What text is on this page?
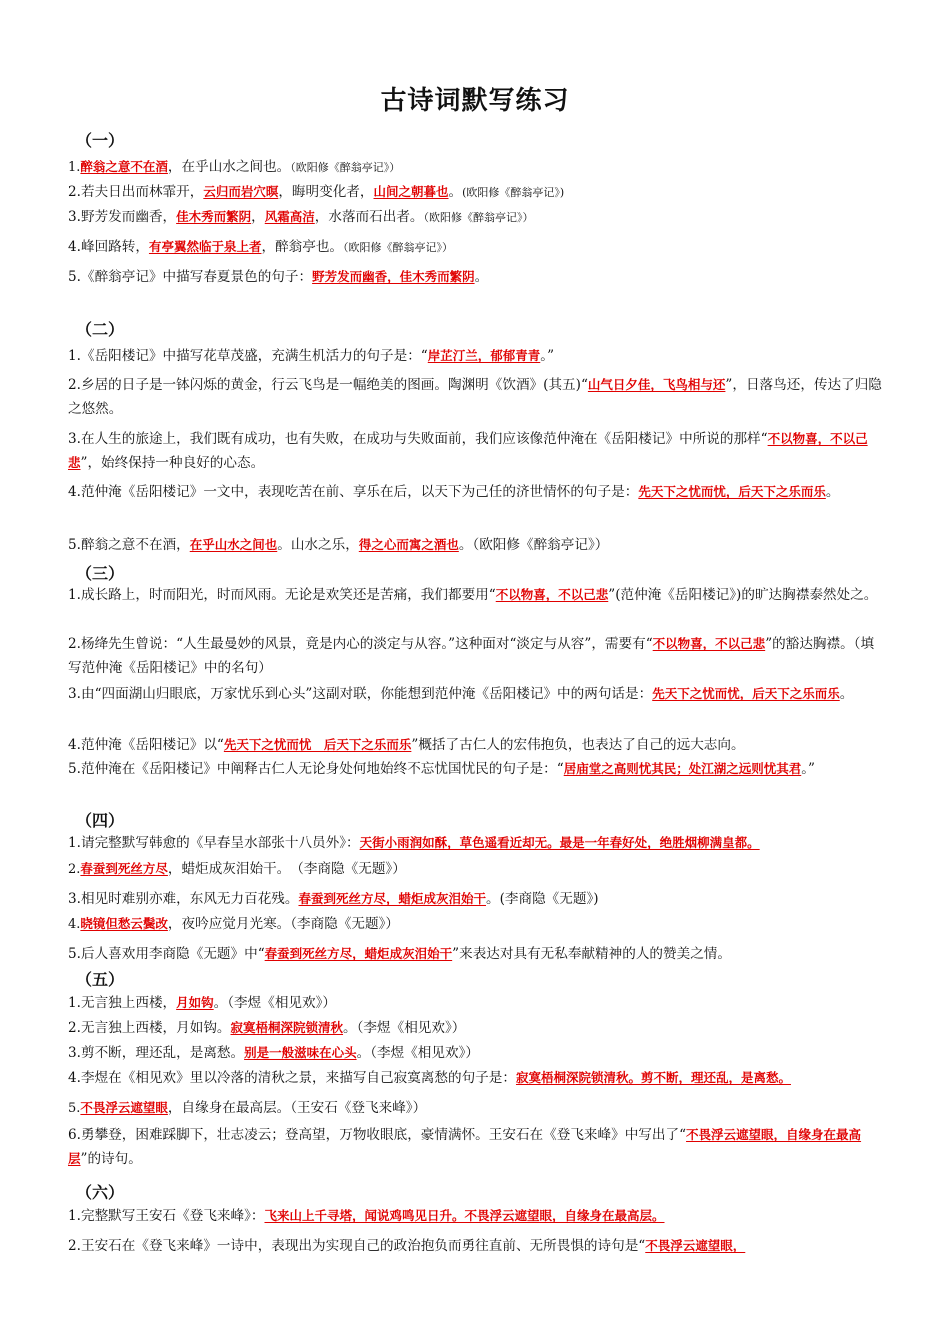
古诗词默写练习
（一）
1.醉翁之意不在酒，在乎山水之间也。（欧阳修《醉翁亭记》）
2.若夫日出而林霏开，云归而岩穴暝，晦明变化者，山间之朝暮也。(欧阳修《醉翁亭记》)
3.野芳发而幽香，佳木秀而繁阴，风霜高洁，水落而石出者。（欧阳修《醉翁亭记》）
4.峰回路转，有亭翼然临于泉上者，醉翁亭也。（欧阳修《醉翁亭记》）
5.《醉翁亭记》中描写春夏景色的句子：野芳发而幽香，佳木秀而繁阴。
（二）
1.《岳阳楼记》中描写花草茂盛，充满生机活力的句子是：“岸芷汀兰，郁郁青青。”
2.乡居的日子是一钵闪烁的黄金，行云飞鸟是一幅绝美的图画。陶渊明《饮酒》(其五)“山气日夕佳，飞鸟相与还”，日落鸟还，传达了归隐之悠然。
3.在人生的旅途上，我们既有成功，也有失败，在成功与失败面前，我们应该像范仲淹在《岳阳楼记》中所说的那样“不以物喜，不以己悲”，始终保持一种良好的心态。
4.范仲淹《岳阳楼记》一文中，表现吃苦在前、享乐在后，以天下为己任的济世情怀的句子是：先天下之忧而忧，后天下之乐而乐。
5.醉翁之意不在酒，在乎山水之间也。山水之乐，得之心而寓之酒也。（欧阳修《醉翁亭记》）
（三）
1.成长路上，时而阳光，时而风雨。无论是欢笑还是苦痛，我们都要用“不以物喜，不以己悲”(范仲淹《岳阳楼记》)的旷达胸襟泰然处之。
2.杨绛先生曾说：“人生最曼妙的风景，竟是内心的淡定与从容。”这种面对“淡定与从容”，需要有“不以物喜，不以己悲”的豁达胸襟。（填写范仲淹《岳阳楼记》中的名句）
3.由“四面湖山归眼底，万家忧乐到心头”这副对联，你能想到范仲淹《岳阳楼记》中的两句话是：先天下之忧而忧，后天下之乐而乐。
4.范仲淹《岳阳楼记》以“先天下之忧而忧　后天下之乐而乐”概括了古仁人的宏伟抱负，也表达了自己的远大志向。
5.范仲淹在《岳阳楼记》中阐释古仁人无论身处何地始终不忘忧国忧民的句子是：“居庙堂之高则忧其民；处江湖之远则忧其君。”
（四）
1.请完整默写韩愈的《早春呈水部张十八员外》：天街小雨润如酥，草色遥看近却无。最是一年春好处，绝胜烟柳满皇都。
2.春蚕到死丝方尽，蜡炬成灰泪始干。　（李商隐《无题》）
3.相见时难别亦难，东风无力百花残。春蚕到死丝方尽，蜡炬成灰泪始干。(李商隐《无题》)
4.晓镜但愁云鬓改，夜吟应觉月光寒。（李商隐《无题》）
5.后人喜欢用李商隐《无题》中“春蚕到死丝方尽，蜡炬成灰泪始干”来表达对具有无私奉献精神的人的赞美之情。
（五）
1.无言独上西楼，月如钩。（李煜《相见欢》）
2.无言独上西楼，月如钩。寂寞梧桐深院锁清秋。（李煜《相见欢》）
3.剪不断，理还乱，是离愁。别是一般滋味在心头。（李煜《相见欢》）
4.李煜在《相见欢》里以冷落的清秋之景，来描写自己寂寞离愁的句子是：寂寞梧桐深院锁清秋。剪不断，理还乱，是离愁。
5.不畏浮云遮望眼，自缘身在最高层。（王安石《登飞来峰》）
6.勇攀登，困难踩脚下，壮志凌云；登高望，万物收眼底，豪情满怀。王安石在《登飞来峰》中写出了“不畏浮云遮望眼，自缘身在最高层”的诗句。
（六）
1.完整默写王安石《登飞来峰》：飞来山上千寻塔，闻说鸡鸣见日升。不畏浮云遮望眼，自缘身在最高层。
2.王安石在《登飞来峰》一诗中，表现出为实现自己的政治抱负而勇往直前、无所畏惧的诗句是“不畏浮云遮望眼，
